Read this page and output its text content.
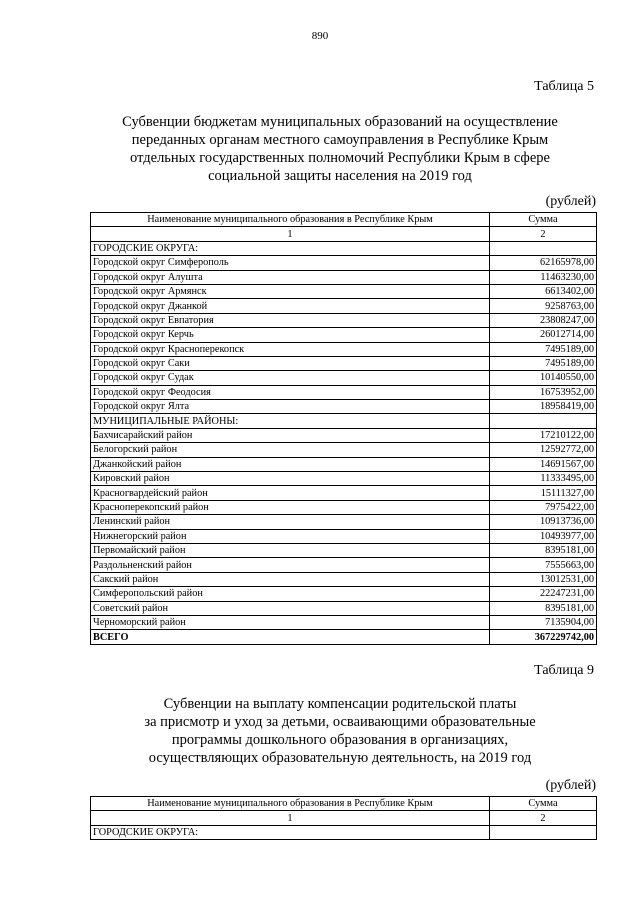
890
Таблица 5
Субвенции бюджетам муниципальных образований на осуществление
переданных органам местного самоуправления в Республике Крым
отдельных государственных полномочий Республики Крым в сфере
социальной защиты населения на 2019 год
(рублей)
Наименование муниципального образования в Республике Крым	Сумма
1	2
ГОРОДСКИЕ ОКРУГА:	
Городской округ Симферополь	62165978,00
Городской округ Алушта	11463230,00
Городской округ Армянск	6613402,00
Городской округ Джанкой	9258763,00
Городской округ Евпатория	23808247,00
Городской округ Керчь	26012714,00
Городской округ Красноперекопск	7495189,00
Городской округ Саки	7495189,00
Городской округ Судак	10140550,00
Городской округ Феодосия	16753952,00
Городской округ Ялта	18958419,00
МУНИЦИПАЛЬНЫЕ РАЙОНЫ:	
Бахчисарайский район	17210122,00
Белогорский район	12592772,00
Джанкойский район	14691567,00
Кировский район	11333495,00
Красногвардейский район	15111327,00
Красноперекопский район	7975422,00
Ленинский район	10913736,00
Нижнегорский район	10493977,00
Первомайский район	8395181,00
Раздольненский район	7555663,00
Сакский район	13012531,00
Симферопольский район	22247231,00
Советский район	8395181,00
Черноморский район	7135904,00
ВСЕГО	367229742,00
Таблица 9
Субвенции на выплату компенсации родительской платы
за присмотр и уход за детьми, осваивающими образовательные
программы дошкольного образования в организациях,
осуществляющих образовательную деятельность, на 2019 год
(рублей)
Наименование муниципального образования в Республике Крым	Сумма
1	2
ГОРОДСКИЕ ОКРУГА:	
